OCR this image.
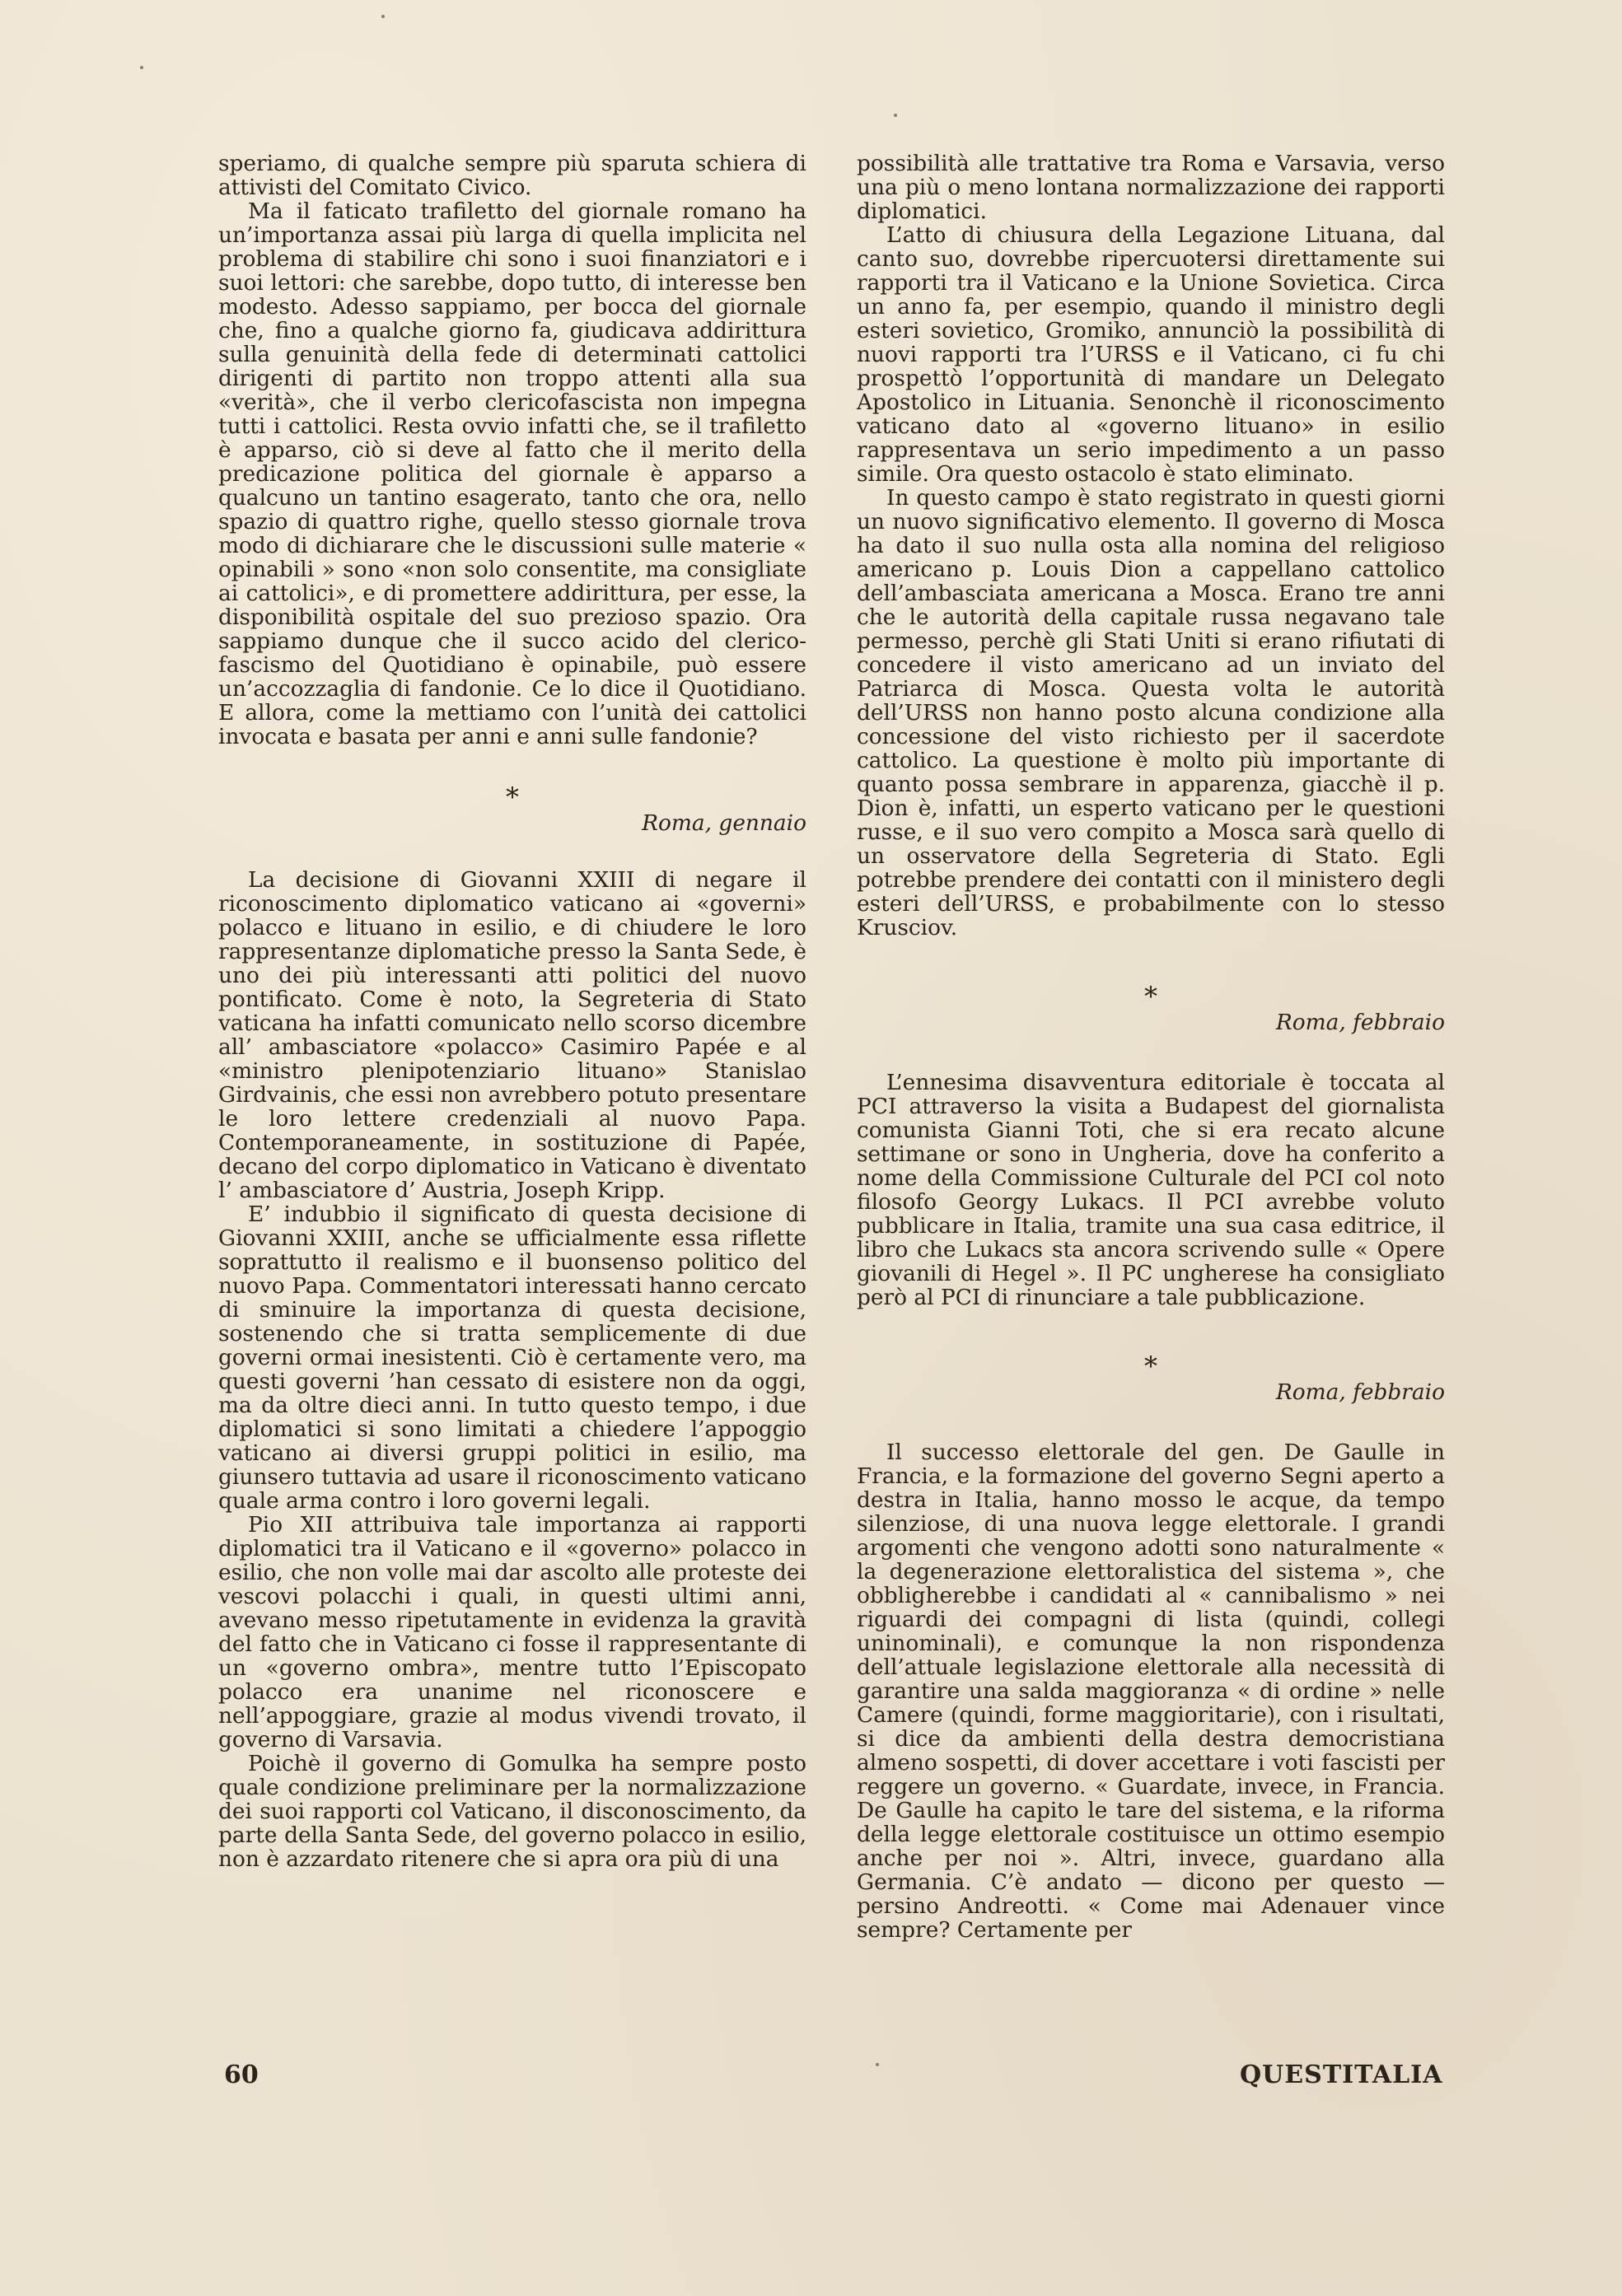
speriamo, di qualche sempre più sparuta schiera di attivisti del Comitato Civico.

Ma il faticato trafiletto del giornale romano ha un’importanza assai più larga di quella implicita nel problema di stabilire chi sono i suoi finanziatori e i suoi lettori: che sarebbe, dopo tutto, di interesse ben modesto. Adesso sappiamo, per bocca del giornale che, fino a qualche giorno fa, giudicava addirittura sulla genuinità della fede di determinati cattolici dirigenti di partito non troppo attenti alla sua «verità», che il verbo clericofascista non impegna tutti i cattolici. Resta ovvio infatti che, se il trafiletto è apparso, ciò si deve al fatto che il merito della predicazione politica del giornale è apparso a qualcuno un tantino esagerato, tanto che ora, nello spazio di quattro righe, quello stesso giornale trova modo di dichiarare che le discussioni sulle materie « opinabili » sono «non solo consentite, ma consigliate ai cattolici», e di promettere addirittura, per esse, la disponibilità ospitale del suo prezioso spazio. Ora sappiamo dunque che il succo acido del clerico-fascismo del Quotidiano è opinabile, può essere un’accozzaglia di fandonie. Ce lo dice il Quotidiano. E allora, come la mettiamo con l’unità dei cattolici invocata e basata per anni e anni sulle fandonie?

*

Roma, gennaio

La decisione di Giovanni XXIII di negare il riconoscimento diplomatico vaticano ai «governi» polacco e lituano in esilio, e di chiudere le loro rappresentanze diplomatiche presso la Santa Sede, è uno dei più interessanti atti politici del nuovo pontificato. Come è noto, la Segreteria di Stato vaticana ha infatti comunicato nello scorso dicembre all’ ambasciatore «polacco» Casimiro Papée e al «ministro plenipotenziario lituano» Stanislao Girdvainis, che essi non avrebbero potuto presentare le loro lettere credenziali al nuovo Papa. Contemporaneamente, in sostituzione di Papée, decano del corpo diplomatico in Vaticano è diventato l’ ambasciatore d’ Austria, Joseph Kripp.

E’ indubbio il significato di questa decisione di Giovanni XXIII, anche se ufficialmente essa riflette soprattutto il realismo e il buonsenso politico del nuovo Papa. Commentatori interessati hanno cercato di sminuire la importanza di questa decisione, sostenendo che si tratta semplicemente di due governi ormai inesistenti. Ciò è certamente vero, ma questi governi ’han cessato di esistere non da oggi, ma da oltre dieci anni. In tutto questo tempo, i due diplomatici si sono limitati a chiedere l’appoggio vaticano ai diversi gruppi politici in esilio, ma giunsero tuttavia ad usare il riconoscimento vaticano quale arma contro i loro governi legali.

Pio XII attribuiva tale importanza ai rapporti diplomatici tra il Vaticano e il «governo» polacco in esilio, che non volle mai dar ascolto alle proteste dei vescovi polacchi i quali, in questi ultimi anni, avevano messo ripetutamente in evidenza la gravità del fatto che in Vaticano ci fosse il rappresentante di un «governo ombra», mentre tutto l’Episcopato polacco era unanime nel riconoscere e nell’appoggiare, grazie al modus vivendi trovato, il governo di Varsavia.

Poichè il governo di Gomulka ha sempre posto quale condizione preliminare per la normalizzazione dei suoi rapporti col Vaticano, il disconoscimento, da parte della Santa Sede, del governo polacco in esilio, non è azzardato ritenere che si apra ora più di una

possibilità alle trattative tra Roma e Varsavia, verso una più o meno lontana normalizzazione dei rapporti diplomatici.

L’atto di chiusura della Legazione Lituana, dal canto suo, dovrebbe ripercuotersi direttamente sui rapporti tra il Vaticano e la Unione Sovietica. Circa un anno fa, per esempio, quando il ministro degli esteri sovietico, Gromiko, annunciò la possibilità di nuovi rapporti tra l’URSS e il Vaticano, ci fu chi prospettò l’opportunità di mandare un Delegato Apostolico in Lituania. Senonchè il riconoscimento vaticano dato al «governo lituano» in esilio rappresentava un serio impedimento a un passo simile. Ora questo ostacolo è stato eliminato.

In questo campo è stato registrato in questi giorni un nuovo significativo elemento. Il governo di Mosca ha dato il suo nulla osta alla nomina del religioso americano p. Louis Dion a cappellano cattolico dell’ambasciata americana a Mosca. Erano tre anni che le autorità della capitale russa negavano tale permesso, perchè gli Stati Uniti si erano rifiutati di concedere il visto americano ad un inviato del Patriarca di Mosca. Questa volta le autorità dell’URSS non hanno posto alcuna condizione alla concessione del visto richiesto per il sacerdote cattolico. La questione è molto più importante di quanto possa sembrare in apparenza, giacchè il p. Dion è, infatti, un esperto vaticano per le questioni russe, e il suo vero compito a Mosca sarà quello di un osservatore della Segreteria di Stato. Egli potrebbe prendere dei contatti con il ministero degli esteri dell’URSS, e probabilmente con lo stesso Krusciov.

*

Roma, febbraio

L’ennesima disavventura editoriale è toccata al PCI attraverso la visita a Budapest del giornalista comunista Gianni Toti, che si era recato alcune settimane or sono in Ungheria, dove ha conferito a nome della Commissione Culturale del PCI col noto filosofo Georgy Lukacs. Il PCI avrebbe voluto pubblicare in Italia, tramite una sua casa editrice, il libro che Lukacs sta ancora scrivendo sulle « Opere giovanili di Hegel ». Il PC ungherese ha consigliato però al PCI di rinunciare a tale pubblicazione.

*

Roma, febbraio

Il successo elettorale del gen. De Gaulle in Francia, e la formazione del governo Segni aperto a destra in Italia, hanno mosso le acque, da tempo silenziose, di una nuova legge elettorale. I grandi argomenti che vengono adotti sono naturalmente « la degenerazione elettoralistica del sistema », che obbligherebbe i candidati al « cannibalismo » nei riguardi dei compagni di lista (quindi, collegi uninominali), e comunque la non rispondenza dell’attuale legislazione elettorale alla necessità di garantire una salda maggioranza « di ordine » nelle Camere (quindi, forme maggioritarie), con i risultati, si dice da ambienti della destra democristiana almeno sospetti, di dover accettare i voti fascisti per reggere un governo. « Guardate, invece, in Francia. De Gaulle ha capito le tare del sistema, e la riforma della legge elettorale costituisce un ottimo esempio anche per noi ». Altri, invece, guardano alla Germania. C’è andato — dicono per questo — persino Andreotti. « Come mai Adenauer vince sempre? Certamente per

60	QUESTITALIA
